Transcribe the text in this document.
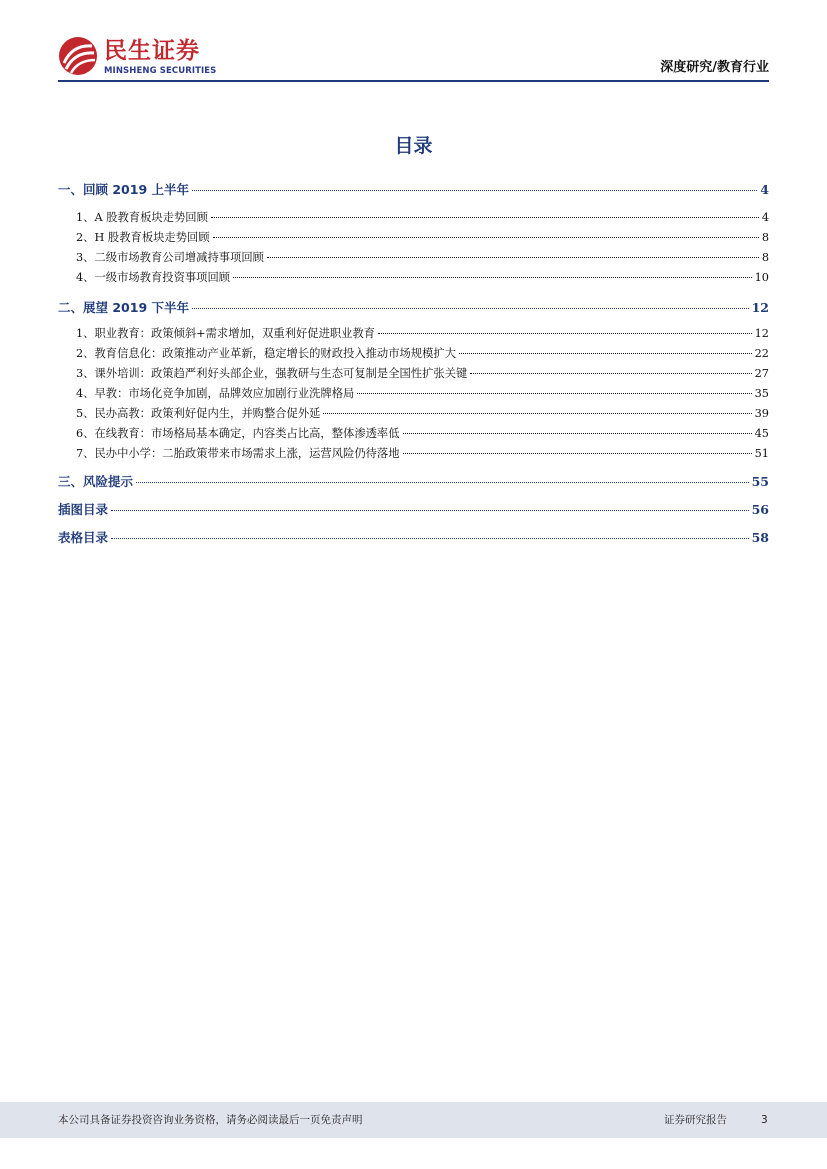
民生证券
MINSHENG SECURITIES	深度研究/教育行业
目录
一、回顾 2019 上半年	4
1、A 股教育板块走势回顾	4
2、H 股教育板块走势回顾	8
3、二级市场教育公司增减持事项回顾	8
4、一级市场教育投资事项回顾	10
二、展望 2019 下半年	12
1、职业教育：政策倾斜+需求增加，双重利好促进职业教育	12
2、教育信息化：政策推动产业革新，稳定增长的财政投入推动市场规模扩大	22
3、课外培训：政策趋严利好头部企业，强教研与生态可复制是全国性扩张关键	27
4、早教：市场化竞争加剧，品牌效应加剧行业洗牌格局	35
5、民办高教：政策利好促内生，并购整合促外延	39
6、在线教育：市场格局基本确定，内容类占比高，整体渗透率低	45
7、民办中小学：二胎政策带来市场需求上涨，运营风险仍待落地	51
三、风险提示	55
插图目录	56
表格目录	58
本公司具备证券投资咨询业务资格，请务必阅读最后一页免责声明	证券研究报告	3
